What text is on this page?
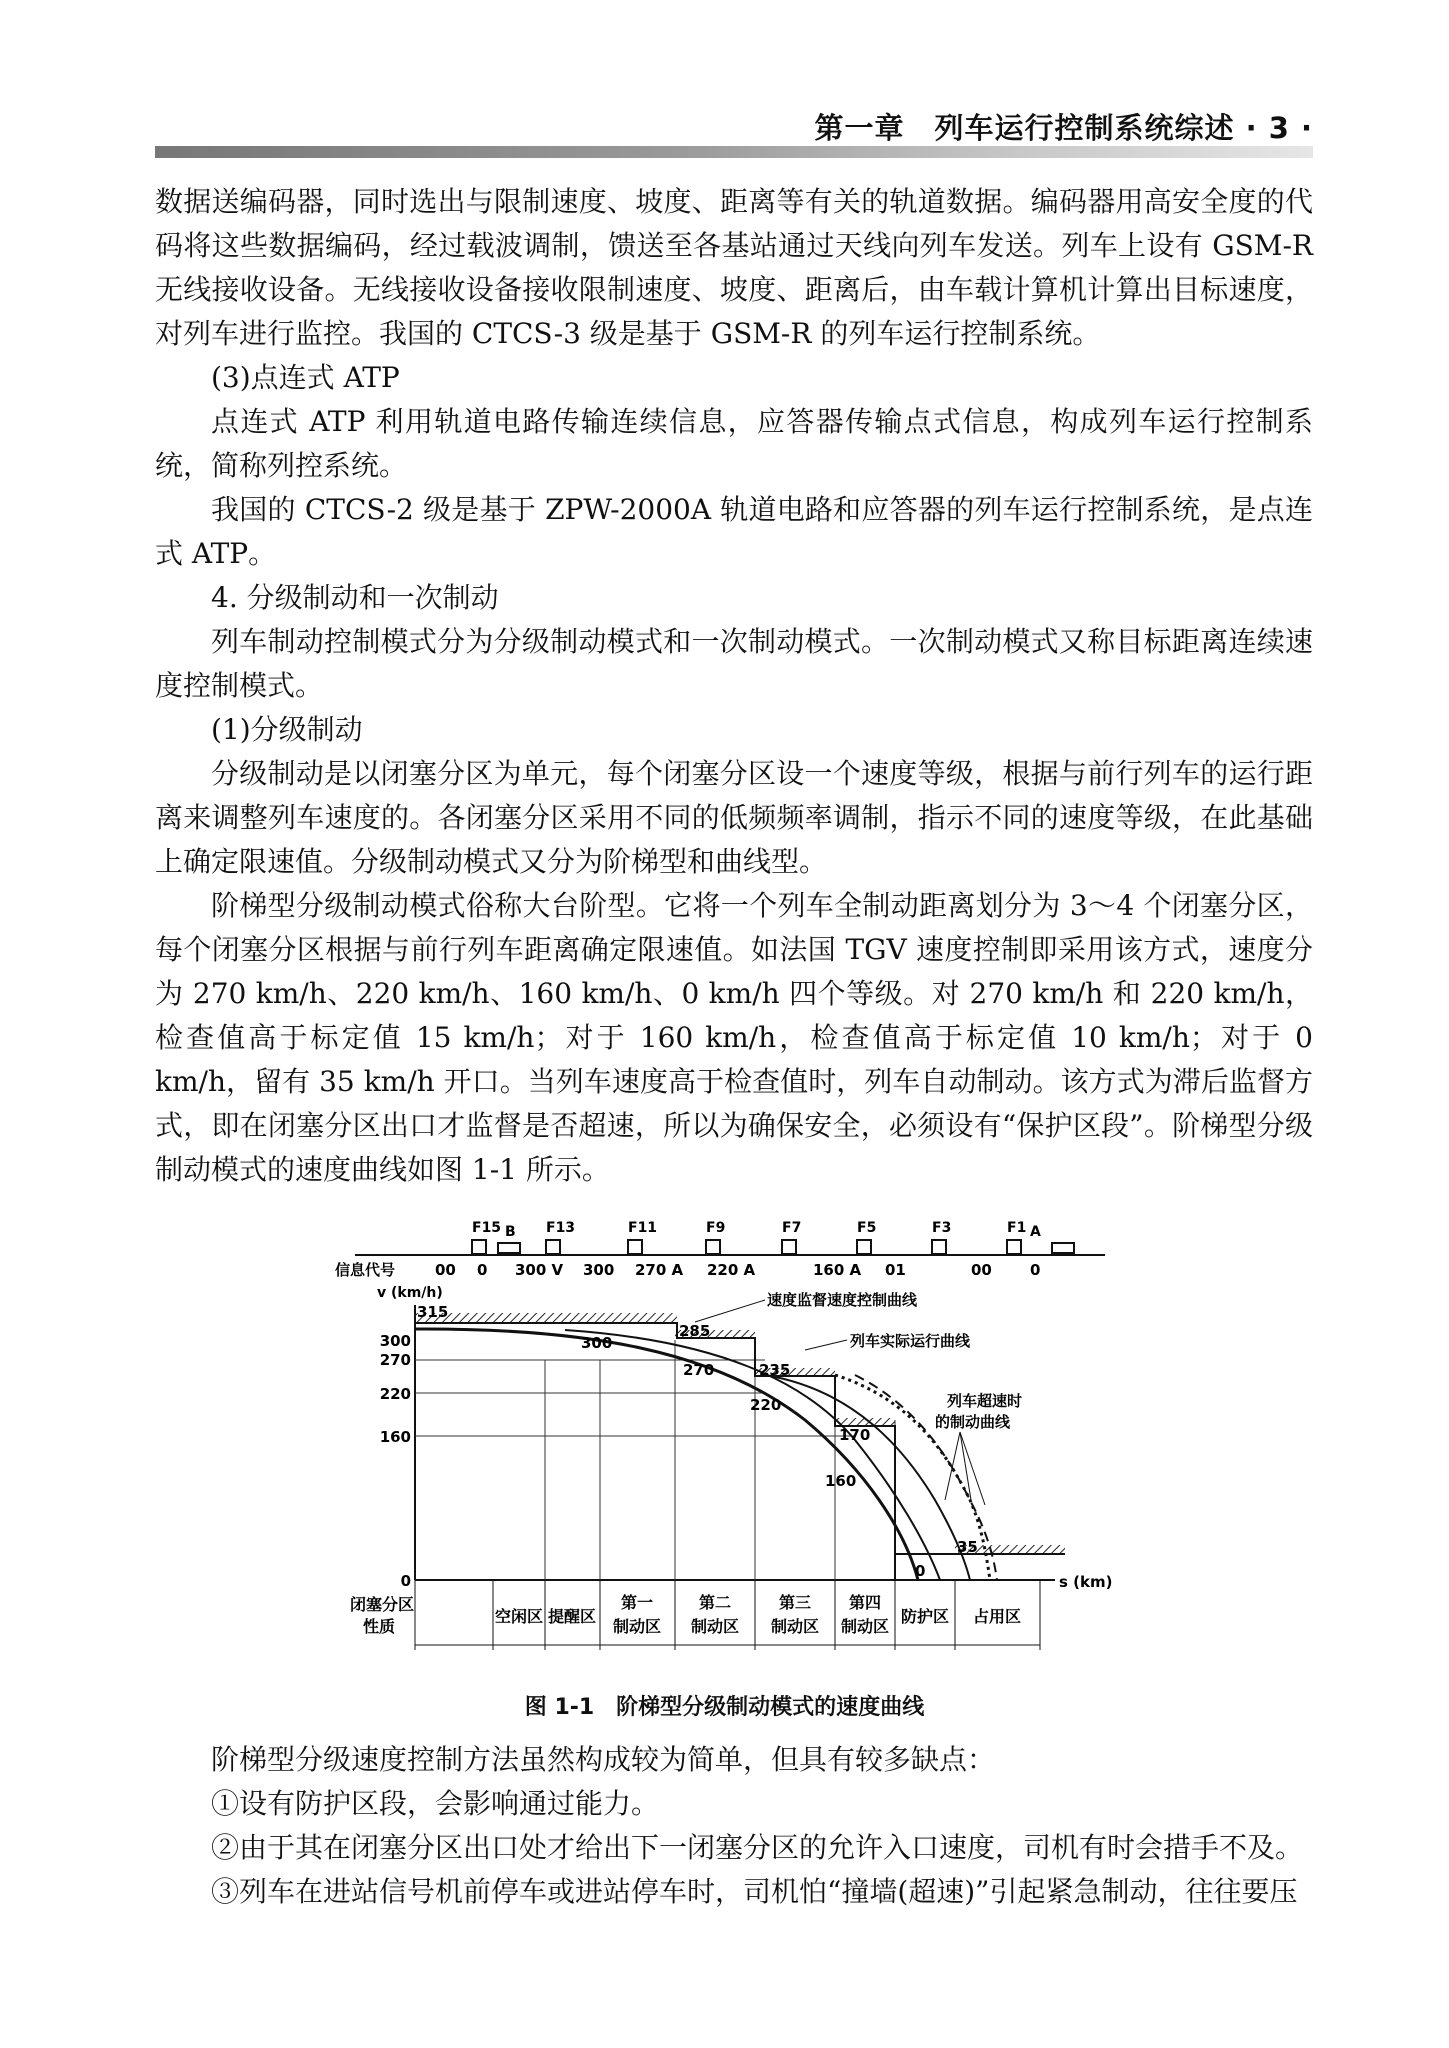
第一章　列车运行控制系统综述 · 3 ·

数据送编码器，同时选出与限制速度、坡度、距离等有关的轨道数据。编码器用高安全度的代码将这些数据编码，经过载波调制，馈送至各基站通过天线向列车发送。列车上设有 GSM-R 无线接收设备。无线接收设备接收限制速度、坡度、距离后，由车载计算机计算出目标速度，对列车进行监控。我国的 CTCS-3 级是基于 GSM-R 的列车运行控制系统。

(3)点连式 ATP

点连式 ATP 利用轨道电路传输连续信息，应答器传输点式信息，构成列车运行控制系统，简称列控系统。

我国的 CTCS-2 级是基于 ZPW-2000A 轨道电路和应答器的列车运行控制系统，是点连式 ATP。

4. 分级制动和一次制动

列车制动控制模式分为分级制动模式和一次制动模式。一次制动模式又称目标距离连续速度控制模式。

(1)分级制动

分级制动是以闭塞分区为单元，每个闭塞分区设一个速度等级，根据与前行列车的运行距离来调整列车速度的。各闭塞分区采用不同的低频频率调制，指示不同的速度等级，在此基础上确定限速值。分级制动模式又分为阶梯型和曲线型。

阶梯型分级制动模式俗称大台阶型。它将一个列车全制动距离划分为 3～4 个闭塞分区，每个闭塞分区根据与前行列车距离确定限速值。如法国 TGV 速度控制即采用该方式，速度分为 270 km/h、220 km/h、160 km/h、0 km/h 四个等级。对 270 km/h 和 220 km/h，检查值高于标定值 15 km/h；对于 160 km/h，检查值高于标定值 10 km/h；对于 0 km/h，留有 35 km/h 开口。当列车速度高于检查值时，列车自动制动。该方式为滞后监督方式，即在闭塞分区出口才监督是否超速，所以为确保安全，必须设有“保护区段”。阶梯型分级制动模式的速度曲线如图 1-1 所示。

F15 B F13	F11	F9	F7	F5	F3	F1 A
信息代号	00 0 300 V 300 270 A 220 A	160 A 01	00	0
v (km/h)
s (km)
300
270
220
160
0
315
300
285
270	235
220
170
160
35
0
速度监督速度控制曲线
列车实际运行曲线
列车超速时
的制动曲线
闭塞分区
性质
空闲区 提醒区
第一
制动区
第二
制动区
第三
制动区
第四
制动区
防护区 占用区
图 1-1　阶梯型分级制动模式的速度曲线

阶梯型分级速度控制方法虽然构成较为简单，但具有较多缺点：

①设有防护区段，会影响通过能力。

②由于其在闭塞分区出口处才给出下一闭塞分区的允许入口速度，司机有时会措手不及。

③列车在进站信号机前停车或进站停车时，司机怕“撞墙(超速)”引起紧急制动，往往要压
